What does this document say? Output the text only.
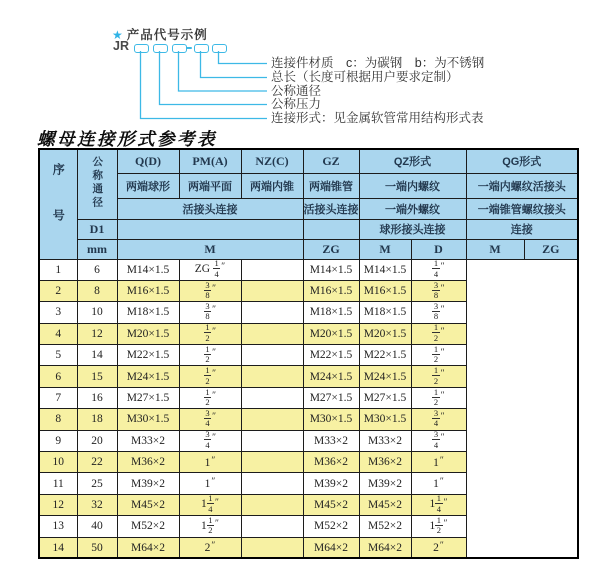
★ 产品代号示例
JR
连接件材质　c：为碳钢　b：为不锈钢
总长（长度可根据用户要求定制）
公称通径
公称压力
连接形式：见金属软管常用结构形式表
螺母连接形式参考表
序号	公称通径	Q(D)	PM(A)	NZ(C)	GZ	QZ形式		QG形式	
		两端球形	两端平面	两端内锥	两端锥管	一端内螺纹		一端内螺纹活接头	
		活接头连接			活接头连接	一端外螺纹		一端锥管螺纹接头	
	D1					球形接头连接		连接	
	mm	M			ZG	M	D	M	ZG
1	6	M14×1.5	ZG $\frac{1}{4} ''$		M14×1.5	M14×1.5	$\frac{1}{4} ''$
2	8	M16×1.5	$\frac{3}{8} ''$		M16×1.5	M16×1.5	$\frac{3}{8} ''$
3	10	M18×1.5	$\frac{3}{8} ''$		M18×1.5	M18×1.5	$\frac{3}{8} ''$
4	12	M20×1.5	$\frac{1}{2} ''$		M20×1.5	M20×1.5	$\frac{1}{2} ''$
5	14	M22×1.5	$\frac{1}{2} ''$		M22×1.5	M22×1.5	$\frac{1}{2} ''$
6	15	M24×1.5	$\frac{1}{2} ''$		M24×1.5	M24×1.5	$\frac{1}{2} ''$
7	16	M27×1.5	$\frac{1}{2} ''$		M27×1.5	M27×1.5	$\frac{1}{2} ''$
8	18	M30×1.5	$\frac{3}{4} ''$		M30×1.5	M30×1.5	$\frac{3}{4} ''$
9	20	M33×2	$\frac{3}{4} ''$		M33×2	M33×2	$\frac{3}{4} ''$
10	22	M36×2	1″		M36×2	M36×2	1″
11	25	M39×2	1″		M39×2	M39×2	1″
12	32	M45×2	$1 \frac{1}{4} ''$		M45×2	M45×2	$1 \frac{1}{4} ''$
13	40	M52×2	$1 \frac{1}{2} ''$		M52×2	M52×2	$1 \frac{1}{2} ''$
14	50	M64×2	2″		M64×2	M64×2	2″
